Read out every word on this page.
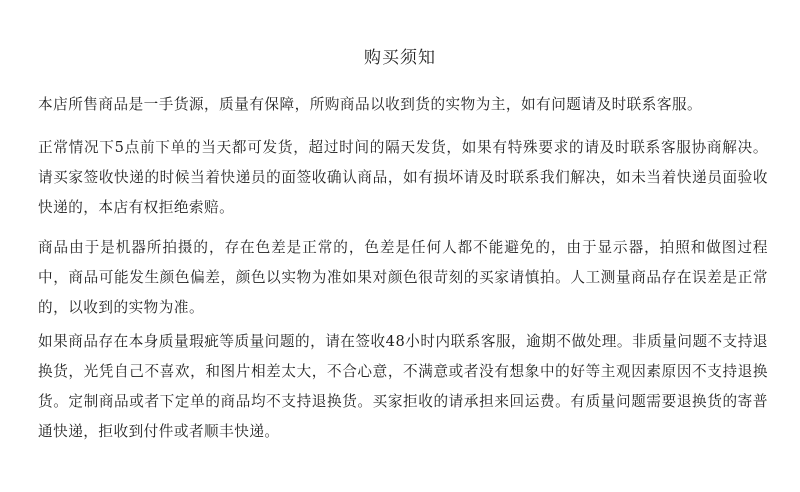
购买须知

本店所售商品是一手货源，质量有保障，所购商品以收到货的实物为主，如有问题请及时联系客服。

正常情况下5点前下单的当天都可发货，超过时间的隔天发货，如果有特殊要求的请及时联系客服协商解决。请买家签收快递的时候当着快递员的面签收确认商品，如有损坏请及时联系我们解决，如未当着快递员面验收快递的，本店有权拒绝索赔。

商品由于是机器所拍摄的，存在色差是正常的，色差是任何人都不能避免的，由于显示器，拍照和做图过程中，商品可能发生颜色偏差，颜色以实物为准如果对颜色很苛刻的买家请慎拍。人工测量商品存在误差是正常的，以收到的实物为准。

如果商品存在本身质量瑕疵等质量问题的，请在签收48小时内联系客服，逾期不做处理。非质量问题不支持退换货，光凭自己不喜欢，和图片相差太大，不合心意，不满意或者没有想象中的好等主观因素原因不支持退换货。定制商品或者下定单的商品均不支持退换货。买家拒收的请承担来回运费。有质量问题需要退换货的寄普通快递，拒收到付件或者顺丰快递。
